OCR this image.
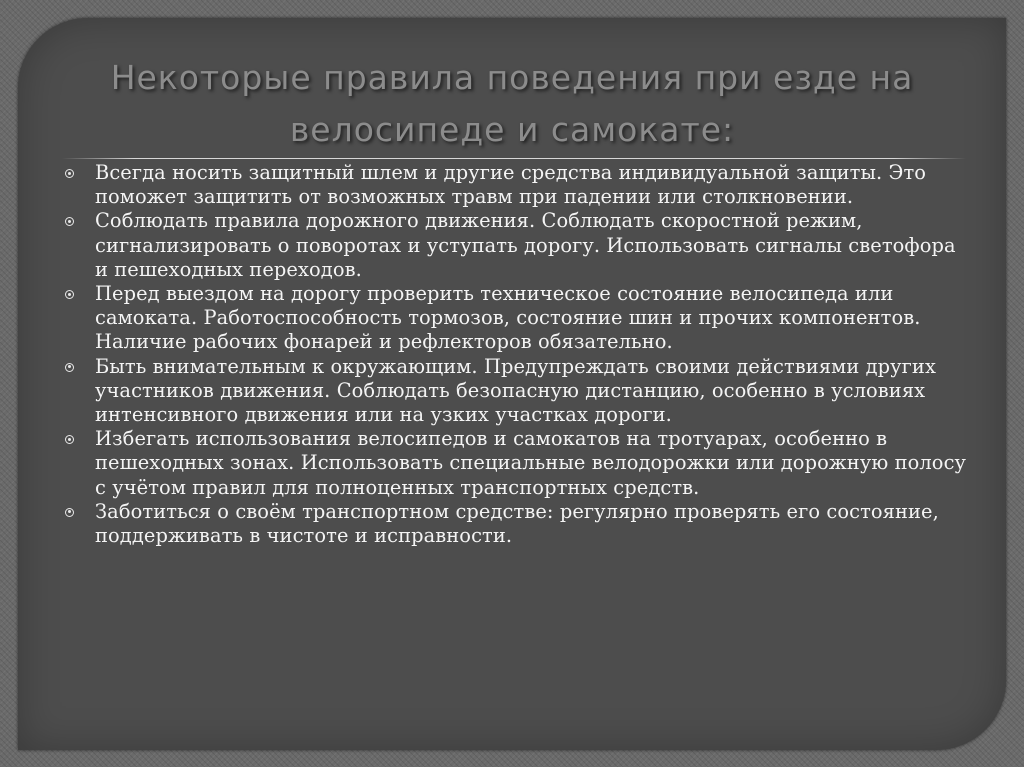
Некоторые правила поведения при езде на
велосипеде и самокате:
Всегда носить защитный шлем и другие средства индивидуальной защиты. Это поможет защитить от возможных травм при падении или столкновении.
Соблюдать правила дорожного движения. Соблюдать скоростной режим, сигнализировать о поворотах и уступать дорогу. Использовать сигналы светофора и пешеходных переходов.
Перед выездом на дорогу проверить техническое состояние велосипеда или самоката. Работоспособность тормозов, состояние шин и прочих компонентов. Наличие рабочих фонарей и рефлекторов обязательно.
Быть внимательным к окружающим. Предупреждать своими действиями других участников движения. Соблюдать безопасную дистанцию, особенно в условиях интенсивного движения или на узких участках дороги.
Избегать использования велосипедов и самокатов на тротуарах, особенно в пешеходных зонах. Использовать специальные велодорожки или дорожную полосу с учётом правил для полноценных транспортных средств.
Заботиться о своём транспортном средстве: регулярно проверять его состояние, поддерживать в чистоте и исправности.
